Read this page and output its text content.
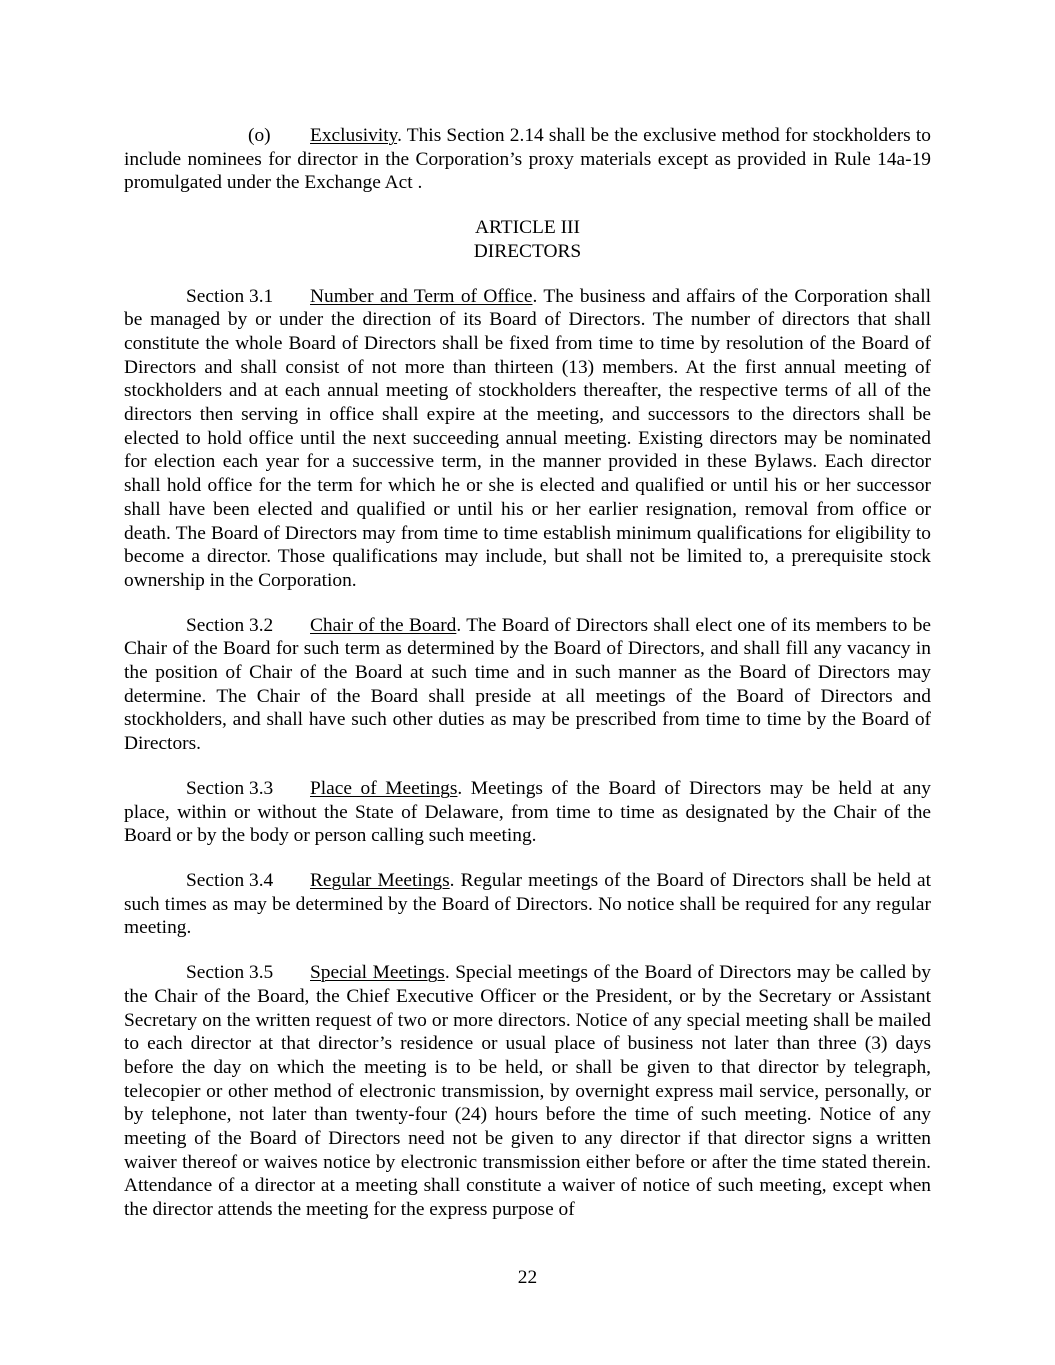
(o) Exclusivity. This Section 2.14 shall be the exclusive method for stockholders to include nominees for director in the Corporation’s proxy materials except as provided in Rule 14a-19 promulgated under the Exchange Act .

ARTICLE III
DIRECTORS

Section 3.1 Number and Term of Office. The business and affairs of the Corporation shall be managed by or under the direction of its Board of Directors. The number of directors that shall constitute the whole Board of Directors shall be fixed from time to time by resolution of the Board of Directors and shall consist of not more than thirteen (13) members. At the first annual meeting of stockholders and at each annual meeting of stockholders thereafter, the respective terms of all of the directors then serving in office shall expire at the meeting, and successors to the directors shall be elected to hold office until the next succeeding annual meeting. Existing directors may be nominated for election each year for a successive term, in the manner provided in these Bylaws. Each director shall hold office for the term for which he or she is elected and qualified or until his or her successor shall have been elected and qualified or until his or her earlier resignation, removal from office or death. The Board of Directors may from time to time establish minimum qualifications for eligibility to become a director. Those qualifications may include, but shall not be limited to, a prerequisite stock ownership in the Corporation.

Section 3.2 Chair of the Board. The Board of Directors shall elect one of its members to be Chair of the Board for such term as determined by the Board of Directors, and shall fill any vacancy in the position of Chair of the Board at such time and in such manner as the Board of Directors may determine. The Chair of the Board shall preside at all meetings of the Board of Directors and stockholders, and shall have such other duties as may be prescribed from time to time by the Board of Directors.

Section 3.3 Place of Meetings. Meetings of the Board of Directors may be held at any place, within or without the State of Delaware, from time to time as designated by the Chair of the Board or by the body or person calling such meeting.

Section 3.4 Regular Meetings. Regular meetings of the Board of Directors shall be held at such times as may be determined by the Board of Directors. No notice shall be required for any regular meeting.

Section 3.5 Special Meetings. Special meetings of the Board of Directors may be called by the Chair of the Board, the Chief Executive Officer or the President, or by the Secretary or Assistant Secretary on the written request of two or more directors. Notice of any special meeting shall be mailed to each director at that director’s residence or usual place of business not later than three (3) days before the day on which the meeting is to be held, or shall be given to that director by telegraph, telecopier or other method of electronic transmission, by overnight express mail service, personally, or by telephone, not later than twenty-four (24) hours before the time of such meeting. Notice of any meeting of the Board of Directors need not be given to any director if that director signs a written waiver thereof or waives notice by electronic transmission either before or after the time stated therein. Attendance of a director at a meeting shall constitute a waiver of notice of such meeting, except when the director attends the meeting for the express purpose of

22
